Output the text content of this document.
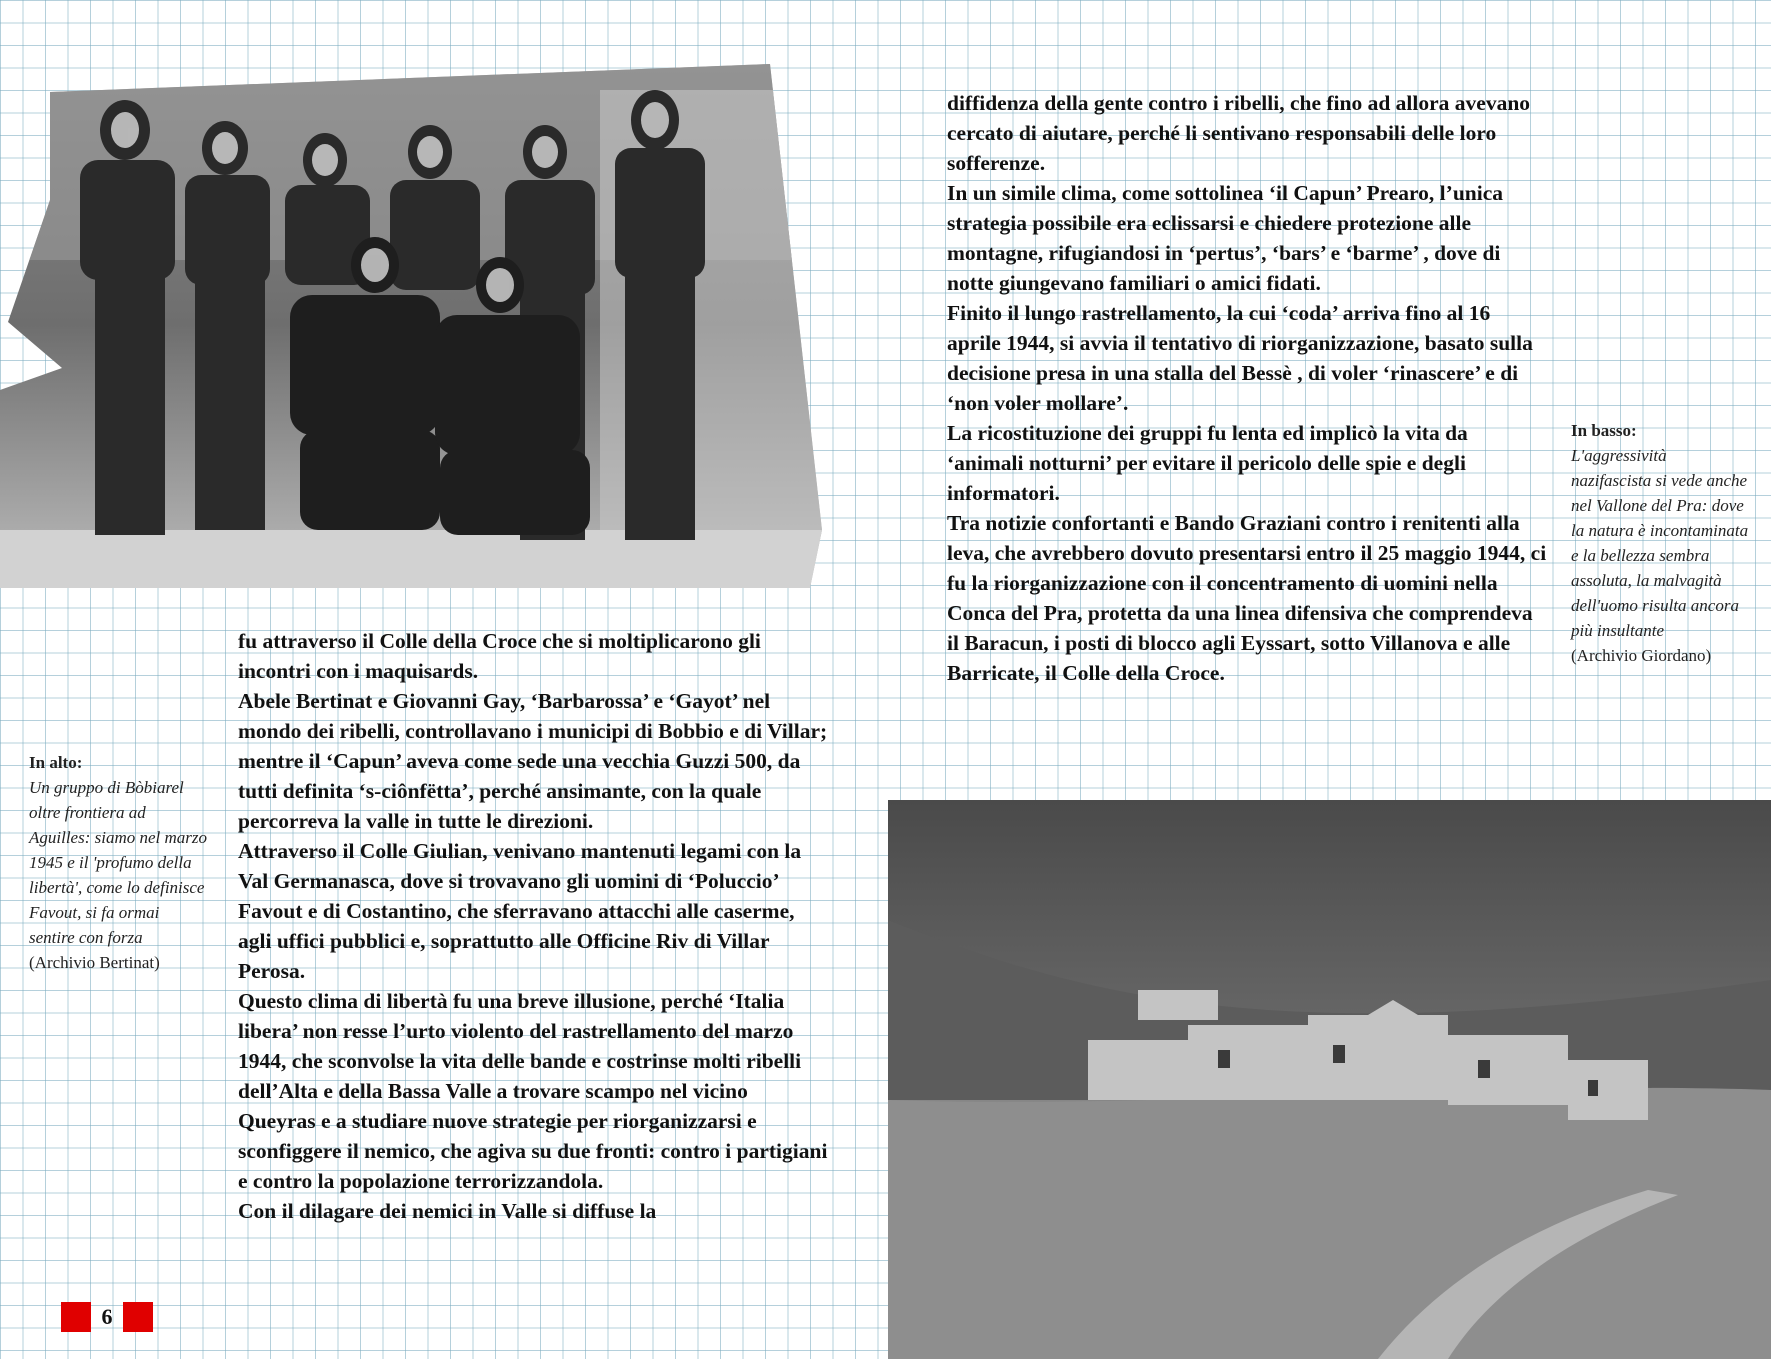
fu attraverso il Colle della Croce che si moltiplicarono gli incontri con i maquisards.

Abele Bertinat e Giovanni Gay, ‘Barbarossa’ e ‘Gayot’ nel mondo dei ribelli, controllavano i municipi di Bobbio e di Villar; mentre il ‘Capun’ aveva come sede una vecchia Guzzi 500, da tutti definita ‘s-ciônfëtta’, perché ansimante, con la quale percorreva la valle in tutte le direzioni.

Attraverso il Colle Giulian, venivano mantenuti legami con la Val Germanasca, dove si trovavano gli uomini di ‘Poluccio’ Favout e di Costantino, che sferravano attacchi alle caserme, agli uffici pubblici e, soprattutto alle Officine Riv di Villar Perosa.

Questo clima di libertà fu una breve illusione, perché ‘Italia libera’ non resse l’urto violento del rastrellamento del marzo 1944, che sconvolse la vita delle bande e costrinse molti ribelli dell’Alta e della Bassa Valle a trovare scampo nel vicino Queyras e a studiare nuove strategie per riorganizzarsi e sconfiggere il nemico, che agiva su due fronti: contro i partigiani e contro la popolazione terrorizzandola.

Con il dilagare dei nemici in Valle si diffuse la

diffidenza della gente contro i ribelli, che fino ad allora avevano cercato di aiutare, perché li sentivano responsabili delle loro sofferenze.

In un simile clima, come sottolinea ‘il Capun’ Prearo, l’unica strategia possibile era eclissarsi e chiedere protezione alle montagne, rifugiandosi in ‘pertus’, ‘bars’ e ‘barme’ , dove di notte giungevano familiari o amici fidati.

Finito il lungo rastrellamento, la cui ‘coda’ arriva fino al 16 aprile 1944, si avvia il tentativo di riorganizzazione, basato sulla decisione presa in una stalla del Bessè , di voler ‘rinascere’ e di ‘non voler mollare’.

La ricostituzione dei gruppi fu lenta ed implicò la vita da ‘animali notturni’ per evitare il pericolo delle spie e degli informatori.

Tra notizie confortanti e Bando Graziani contro i renitenti alla leva, che avrebbero dovuto presentarsi entro il 25 maggio 1944, ci fu la riorganizzazione con il concentramento di uomini nella Conca del Pra, protetta da una linea difensiva che comprendeva il Baracun, i posti di blocco agli Eyssart, sotto Villanova e alle Barricate, il Colle della Croce.

In alto:
Un gruppo di Bòbiarel oltre frontiera ad Aguilles: siamo nel marzo 1945 e il 'profumo della libertà', come lo definisce Favout, si fa ormai sentire con forza
(Archivio Bertinat)
In basso:
L'aggressività nazifascista si vede anche nel Vallone del Pra: dove la natura è incontaminata e la bellezza sembra assoluta, la malvagità dell'uomo risulta ancora più insultante
(Archivio Giordano)
6
